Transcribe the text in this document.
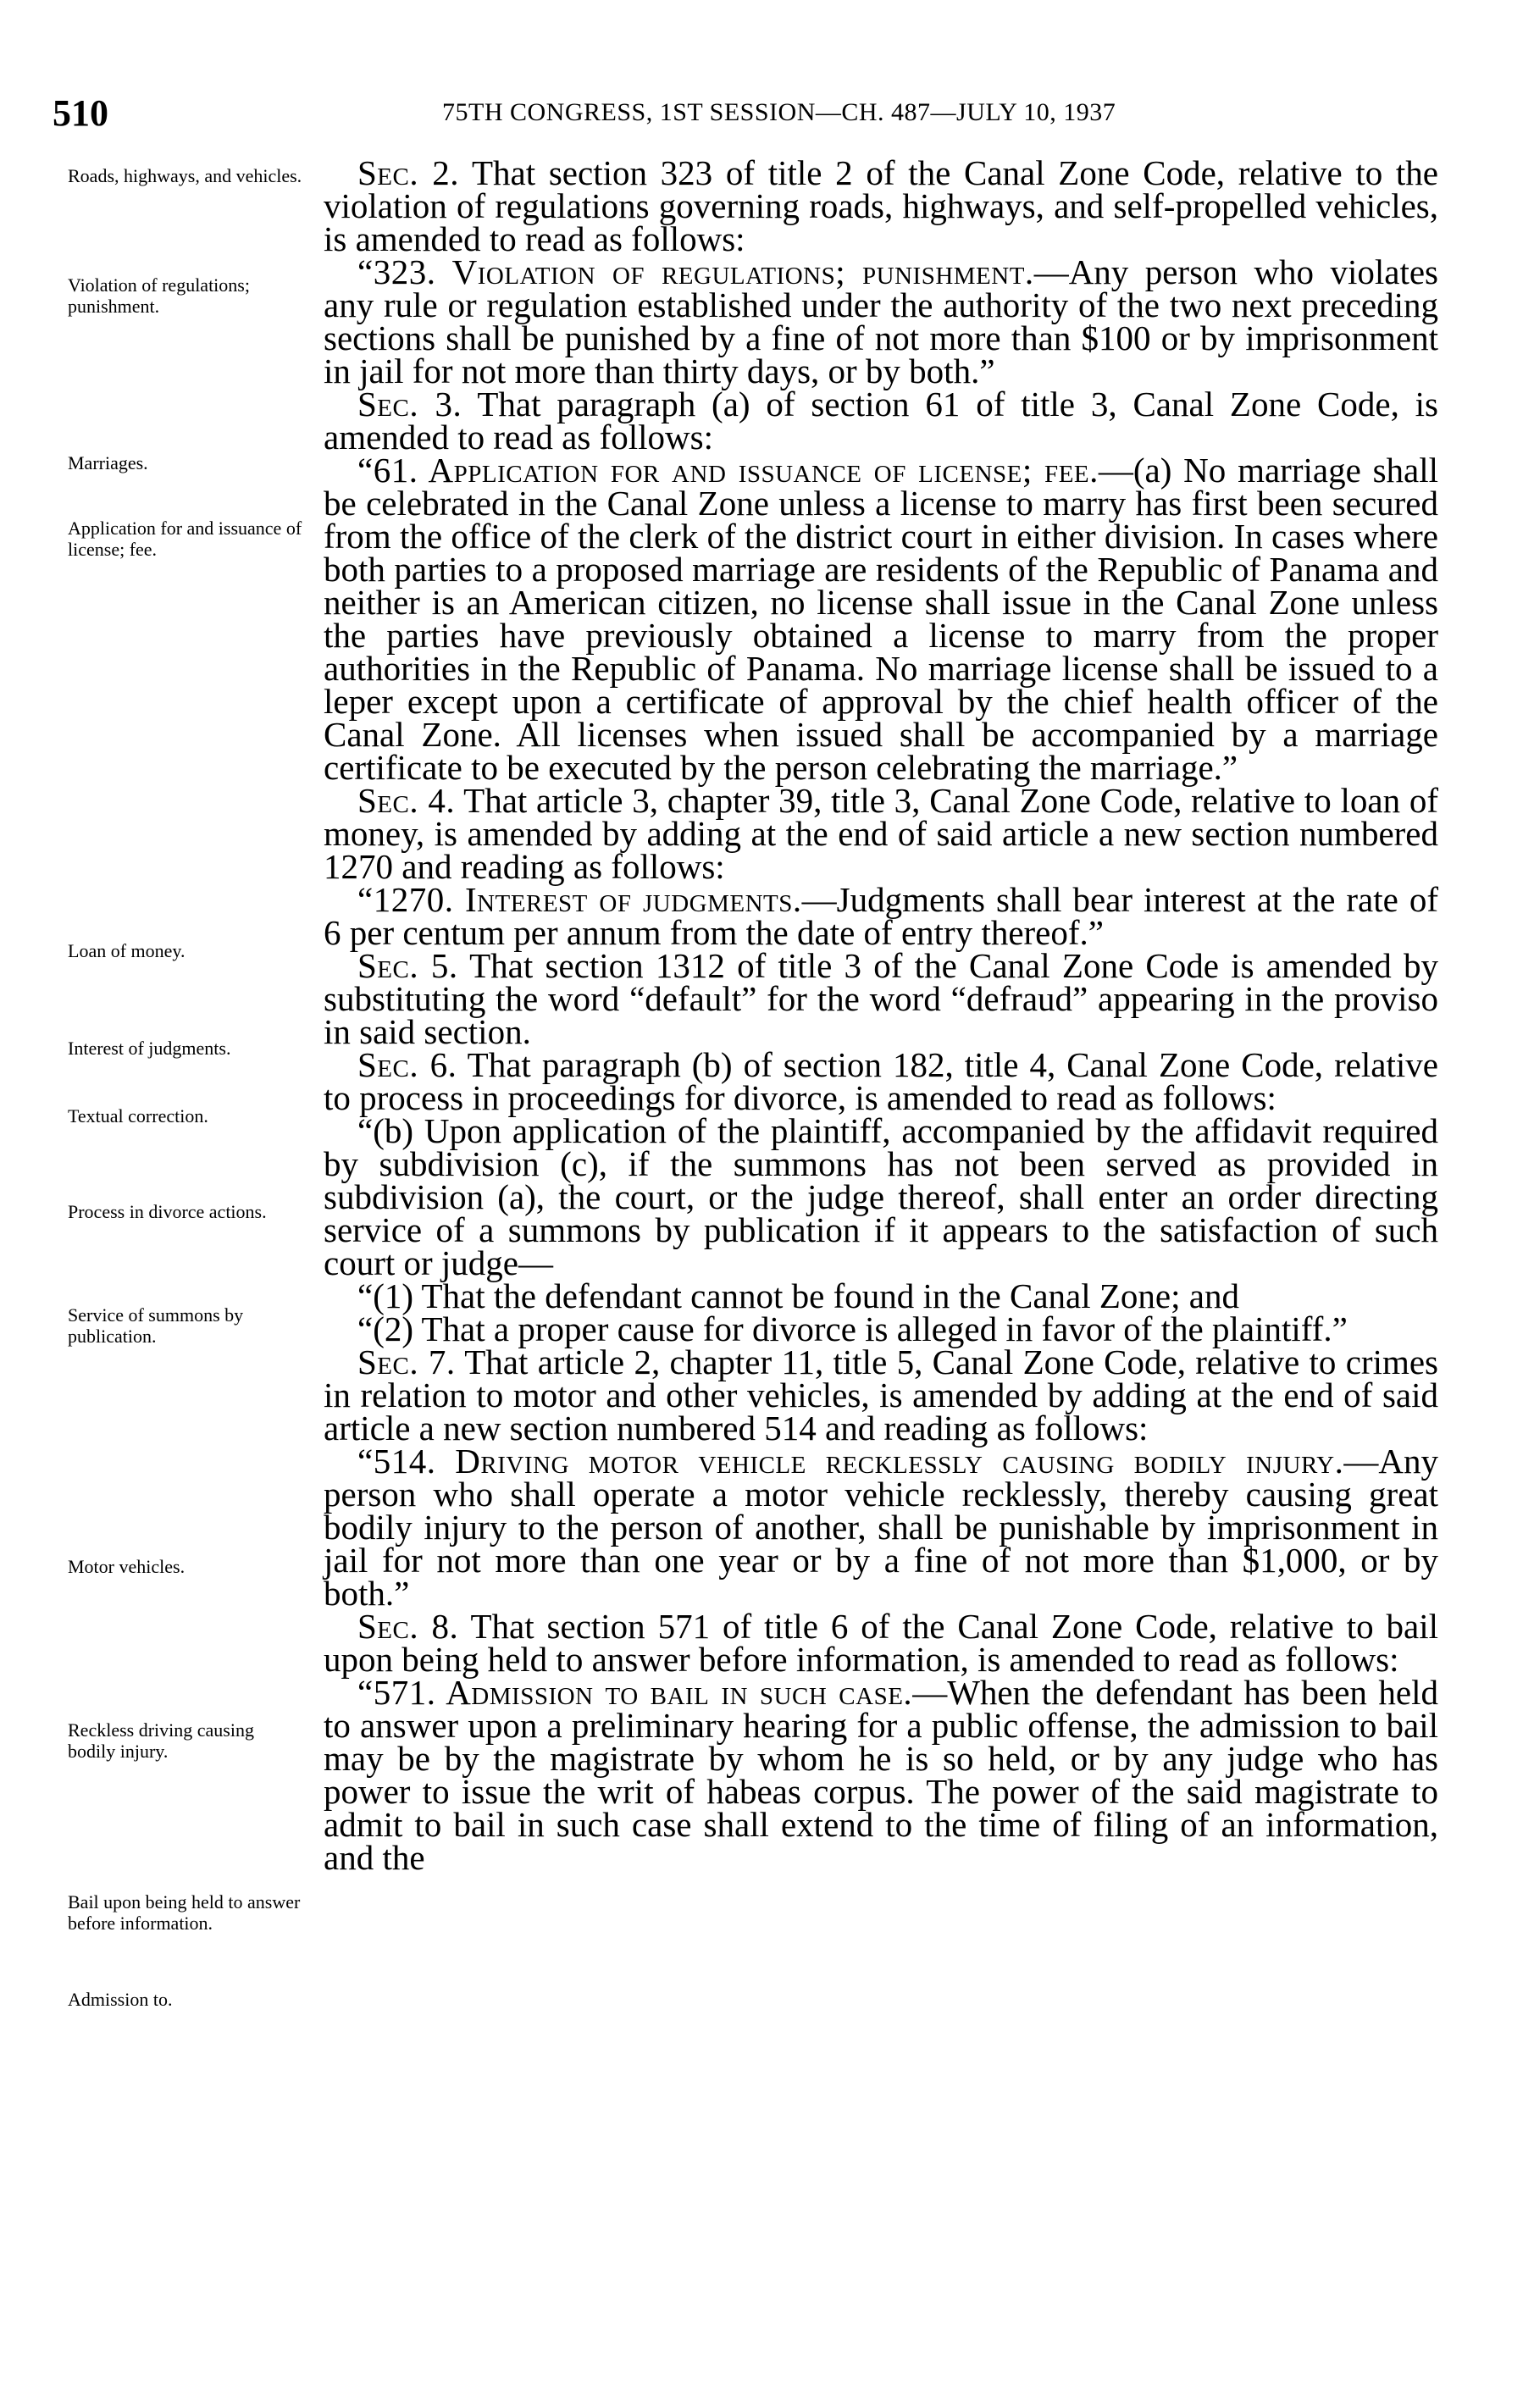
510	75TH CONGRESS, 1ST SESSION—CH. 487—JULY 10, 1937
Roads, highways, and vehicles.
Violation of regulations; punishment.
Marriages.
Application for and issuance of license; fee.
Loan of money.
Interest of judgments.
Textual correction.
Process in divorce actions.
Service of summons by publication.
Motor vehicles.
Reckless driving causing bodily injury.
Bail upon being held to answer before information.
Admission to.

Sec. 2. That section 323 of title 2 of the Canal Zone Code, relative to the violation of regulations governing roads, highways, and self-propelled vehicles, is amended to read as follows:

“323. Violation of regulations; punishment.—Any person who violates any rule or regulation established under the authority of the two next preceding sections shall be punished by a fine of not more than $100 or by imprisonment in jail for not more than thirty days, or by both.”

Sec. 3. That paragraph (a) of section 61 of title 3, Canal Zone Code, is amended to read as follows:

“61. Application for and issuance of license; fee.—(a) No marriage shall be celebrated in the Canal Zone unless a license to marry has first been secured from the office of the clerk of the district court in either division. In cases where both parties to a proposed marriage are residents of the Republic of Panama and neither is an American citizen, no license shall issue in the Canal Zone unless the parties have previously obtained a license to marry from the proper authorities in the Republic of Panama. No marriage license shall be issued to a leper except upon a certificate of approval by the chief health officer of the Canal Zone. All licenses when issued shall be accompanied by a marriage certificate to be executed by the person celebrating the marriage.”

Sec. 4. That article 3, chapter 39, title 3, Canal Zone Code, relative to loan of money, is amended by adding at the end of said article a new section numbered 1270 and reading as follows:

“1270. Interest of judgments.—Judgments shall bear interest at the rate of 6 per centum per annum from the date of entry thereof.”

Sec. 5. That section 1312 of title 3 of the Canal Zone Code is amended by substituting the word “default” for the word “defraud” appearing in the proviso in said section.

Sec. 6. That paragraph (b) of section 182, title 4, Canal Zone Code, relative to process in proceedings for divorce, is amended to read as follows:

“(b) Upon application of the plaintiff, accompanied by the affidavit required by subdivision (c), if the summons has not been served as provided in subdivision (a), the court, or the judge thereof, shall enter an order directing service of a summons by publication if it appears to the satisfaction of such court or judge—

“(1) That the defendant cannot be found in the Canal Zone; and

“(2) That a proper cause for divorce is alleged in favor of the plaintiff.”

Sec. 7. That article 2, chapter 11, title 5, Canal Zone Code, relative to crimes in relation to motor and other vehicles, is amended by adding at the end of said article a new section numbered 514 and reading as follows:

“514. Driving motor vehicle recklessly causing bodily injury.—Any person who shall operate a motor vehicle recklessly, thereby causing great bodily injury to the person of another, shall be punishable by imprisonment in jail for not more than one year or by a fine of not more than $1,000, or by both.”

Sec. 8. That section 571 of title 6 of the Canal Zone Code, relative to bail upon being held to answer before information, is amended to read as follows:

“571. Admission to bail in such case.—When the defendant has been held to answer upon a preliminary hearing for a public offense, the admission to bail may be by the magistrate by whom he is so held, or by any judge who has power to issue the writ of habeas corpus. The power of the said magistrate to admit to bail in such case shall extend to the time of filing of an information, and the
